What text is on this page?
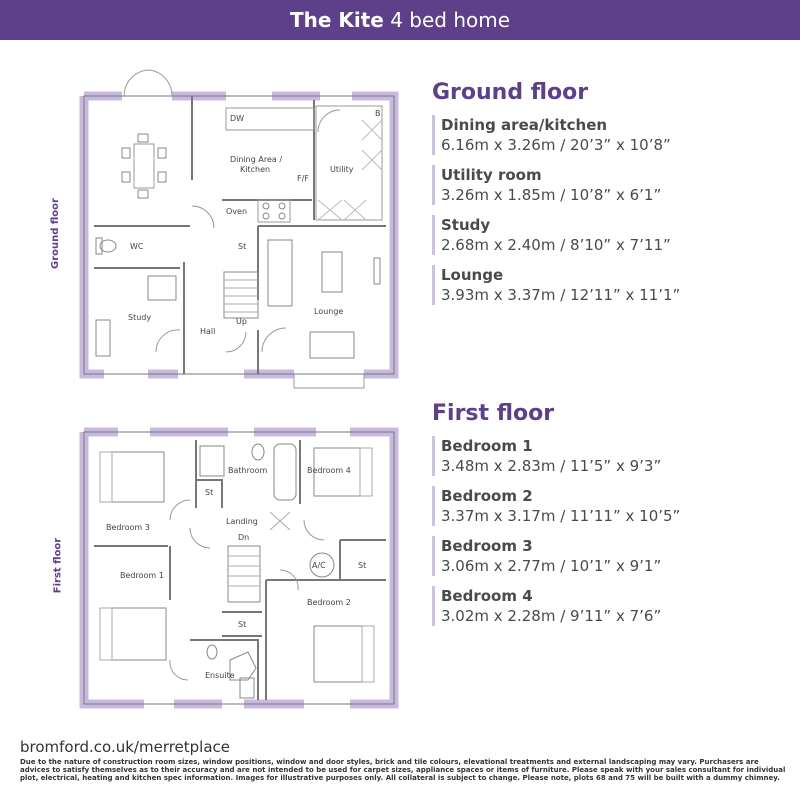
The Kite 4 bed home
Dining Area /
Kitchen
DW
F/F
Oven
Utility
B
WC	St
Study
Hall
Up
Lounge
Bathroom	Bedroom 4
Bedroom 3
St
Landing
Dn
A/C	St
Bedroom 1
Bedroom 2
St
Ensuite
Ground floor
First floor
Ground floor
Dining area/kitchen
6.16m x 3.26m / 20’3” x 10’8”
Utility room
3.26m x 1.85m / 10’8” x 6’1”
Study
2.68m x 2.40m / 8’10” x 7’11”
Lounge
3.93m x 3.37m / 12’11” x 11’1”
First floor
Bedroom 1
3.48m x 2.83m / 11’5” x 9’3”
Bedroom 2
3.37m x 3.17m / 11’11” x 10’5”
Bedroom 3
3.06m x 2.77m / 10’1” x 9’1”
Bedroom 4
3.02m x 2.28m / 9’11” x 7’6”
bromford.co.uk/merretplace
Due to the nature of construction room sizes, window positions, window and door styles, brick and tile colours, elevational treatments and external landscaping may vary. Purchasers are advices to satisfy themselves as to their accuracy and are not intended to be used for carpet sizes, appliance spaces or items of furniture. Please speak with your sales consultant for individual plot, electrical, heating and kitchen spec information. Images for illustrative purposes only. All collateral is subject to change. Please note, plots 68 and 75 will be built with a dummy chimney.
